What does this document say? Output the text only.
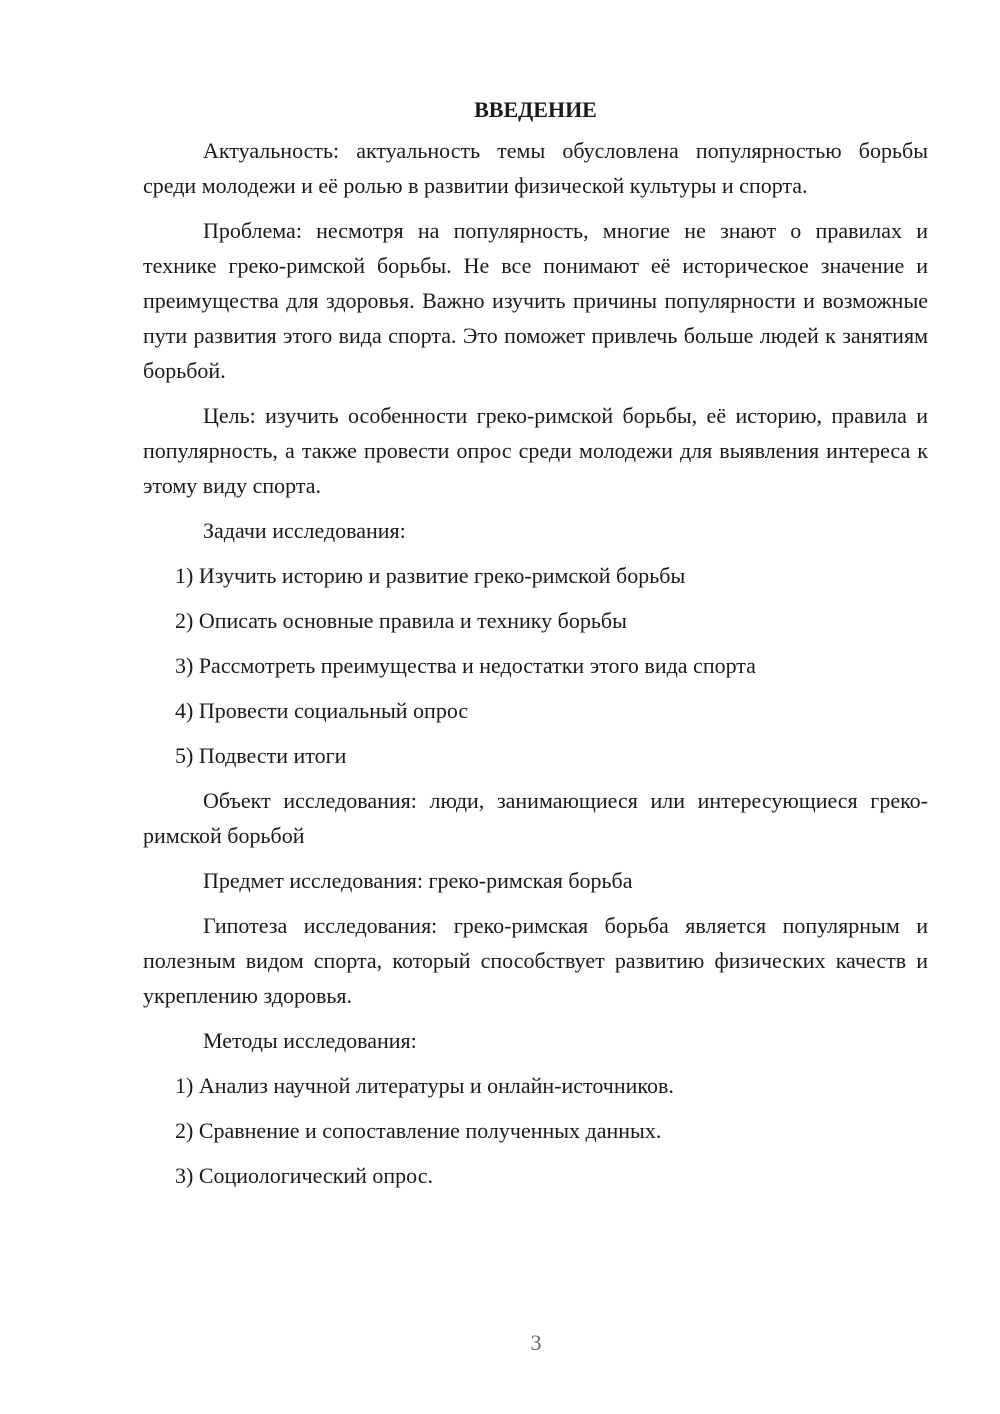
ВВЕДЕНИЕ

Актуальность: актуальность темы обусловлена популярностью борьбы среди молодежи и её ролью в развитии физической культуры и спорта.

Проблема: несмотря на популярность, многие не знают о правилах и технике греко-римской борьбы. Не все понимают её историческое значение и преимущества для здоровья. Важно изучить причины популярности и возможные пути развития этого вида спорта. Это поможет привлечь больше людей к занятиям борьбой.

Цель: изучить особенности греко-римской борьбы, её историю, правила и популярность, а также провести опрос среди молодежи для выявления интереса к этому виду спорта.

Задачи исследования:

1) Изучить историю и развитие греко-римской борьбы

2) Описать основные правила и технику борьбы

3) Рассмотреть преимущества и недостатки этого вида спорта

4) Провести социальный опрос

5) Подвести итоги

Объект исследования: люди, занимающиеся или интересующиеся греко-римской борьбой

Предмет исследования: греко-римская борьба

Гипотеза исследования: греко-римская борьба является популярным и полезным видом спорта, который способствует развитию физических качеств и укреплению здоровья.

Методы исследования:

1) Анализ научной литературы и онлайн-источников.

2) Сравнение и сопоставление полученных данных.

3) Социологический опрос.

3
